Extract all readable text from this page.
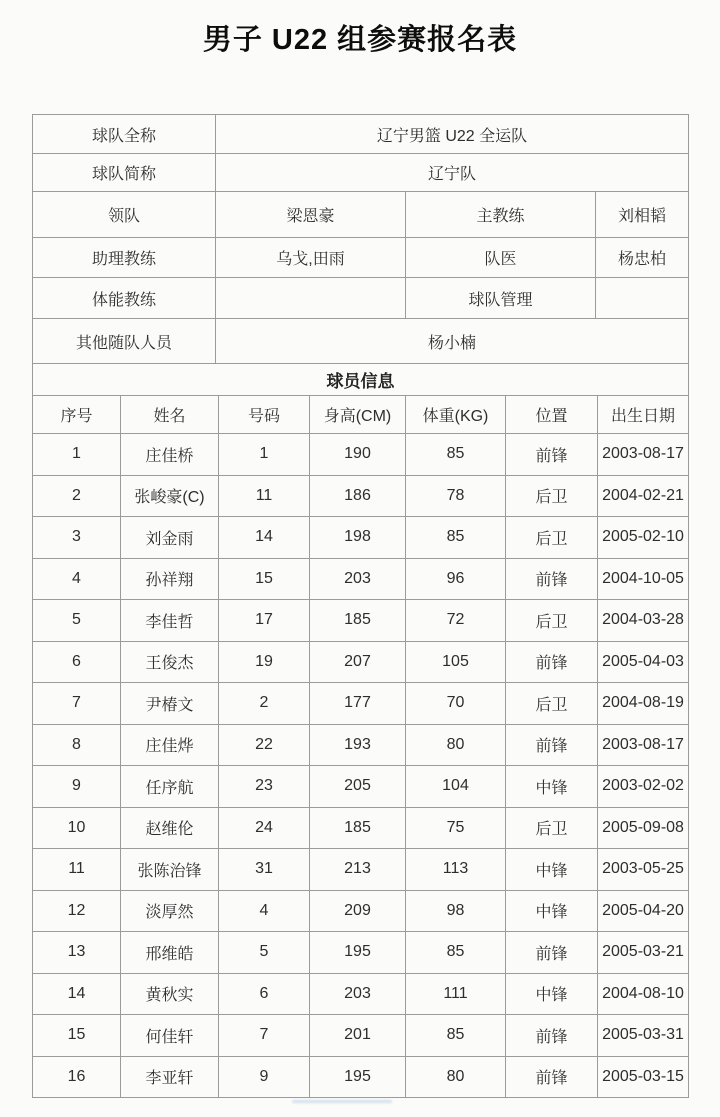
男子 U22 组参赛报名表
球队全称	辽宁男篮 U22 全运队		
球队简称	辽宁队		
领队	梁恩豪	主教练	刘相韬
助理教练	乌戈,田雨	队医	杨忠柏
体能教练		球队管理	
其他随队人员	杨小楠		
球员信息						
序号	姓名	号码	身高(CM)	体重(KG)	位置	出生日期
1	庄佳桥	1	190	85	前锋	2003-08-17
2	张峻豪(C)	11	186	78	后卫	2004-02-21
3	刘金雨	14	198	85	后卫	2005-02-10
4	孙祥翔	15	203	96	前锋	2004-10-05
5	李佳哲	17	185	72	后卫	2004-03-28
6	王俊杰	19	207	105	前锋	2005-04-03
7	尹椿文	2	177	70	后卫	2004-08-19
8	庄佳烨	22	193	80	前锋	2003-08-17
9	任序航	23	205	104	中锋	2003-02-02
10	赵维伦	24	185	75	后卫	2005-09-08
11	张陈治锋	31	213	113	中锋	2003-05-25
12	淡厚然	4	209	98	中锋	2005-04-20
13	邢维皓	5	195	85	前锋	2005-03-21
14	黄秋实	6	203	111	中锋	2004-08-10
15	何佳轩	7	201	85	前锋	2005-03-31
16	李亚轩	9	195	80	前锋	2005-03-15
